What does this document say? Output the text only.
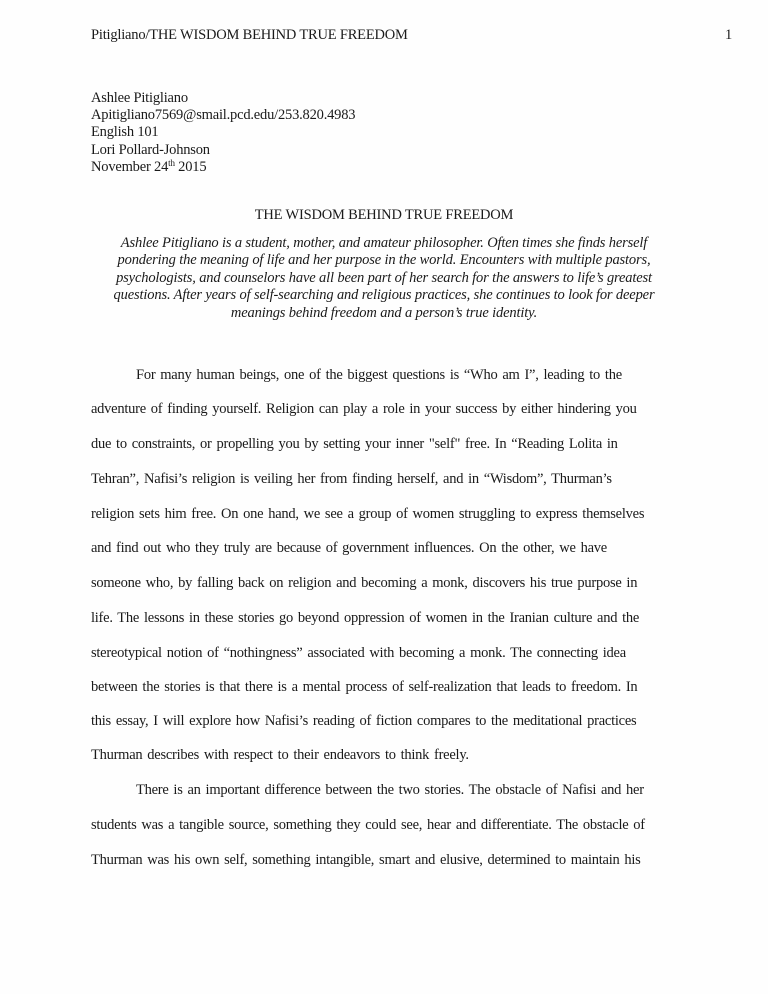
Pitigliano/THE WISDOM BEHIND TRUE FREEDOM	1
Ashlee Pitigliano
Apitigliano7569@smail.pcd.edu/253.820.4983
English 101
Lori Pollard-Johnson
November 24th 2015
THE WISDOM BEHIND TRUE FREEDOM
Ashlee Pitigliano is a student, mother, and amateur philosopher. Often times she finds herself
pondering the meaning of life and her purpose in the world. Encounters with multiple pastors,
psychologists, and counselors have all been part of her search for the answers to life’s greatest
questions. After years of self-searching and religious practices, she continues to look for deeper
meanings behind freedom and a person’s true identity.
For many human beings, one of the biggest questions is “Who am I”, leading to the
adventure of finding yourself. Religion can play a role in your success by either hindering you
due to constraints, or propelling you by setting your inner "self" free. In “Reading Lolita in
Tehran”, Nafisi’s religion is veiling her from finding herself, and in “Wisdom”, Thurman’s
religion sets him free. On one hand, we see a group of women struggling to express themselves
and find out who they truly are because of government influences. On the other, we have
someone who, by falling back on religion and becoming a monk, discovers his true purpose in
life. The lessons in these stories go beyond oppression of women in the Iranian culture and the
stereotypical notion of “nothingness” associated with becoming a monk. The connecting idea
between the stories is that there is a mental process of self-realization that leads to freedom. In
this essay, I will explore how Nafisi’s reading of fiction compares to the meditational practices
Thurman describes with respect to their endeavors to think freely.
There is an important difference between the two stories. The obstacle of Nafisi and her
students was a tangible source, something they could see, hear and differentiate. The obstacle of
Thurman was his own self, something intangible, smart and elusive, determined to maintain his
